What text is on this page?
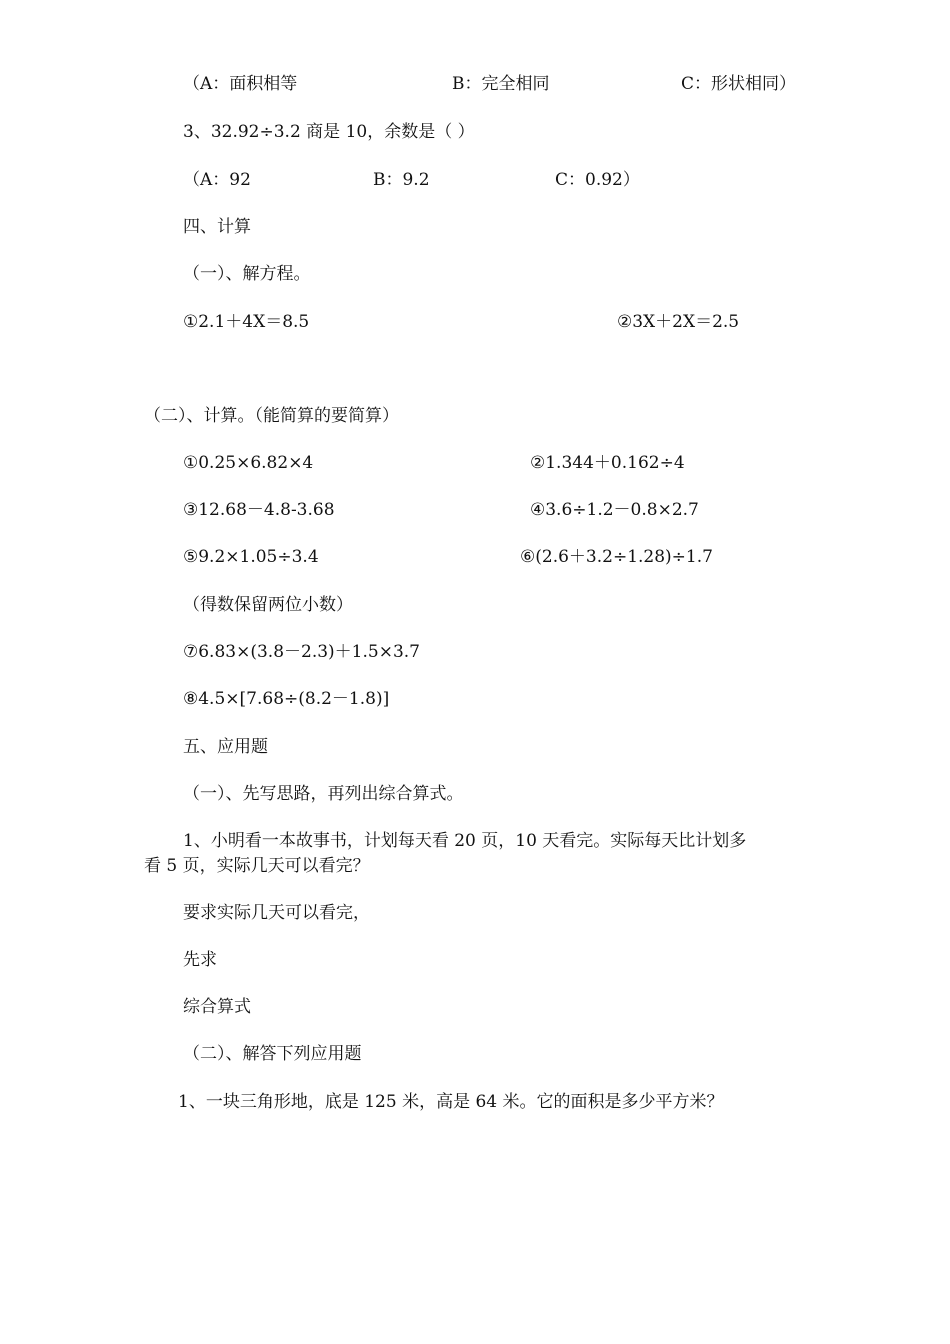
（A：面积相等	B：完全相同	C：形状相同）
3、32.92÷3.2 商是 10，余数是（ ）
（A：92	B：9.2	C：0.92）
四、计算
（一）、解方程。
①2.1＋4X＝8.5	②3X＋2X＝2.5
（二）、计算。（能简算的要简算）
①0.25×6.82×4	②1.344＋0.162÷4
③12.68－4.8-3.68	④3.6÷1.2－0.8×2.7
⑤9.2×1.05÷3.4	⑥(2.6＋3.2÷1.28)÷1.7
（得数保留两位小数）
⑦6.83×(3.8－2.3)＋1.5×3.7
⑧4.5×[7.68÷(8.2－1.8)]
五、应用题
（一）、先写思路，再列出综合算式。
1、小明看一本故事书，计划每天看 20 页，10 天看完。实际每天比计划多
看 5 页，实际几天可以看完？
要求实际几天可以看完，
先求
综合算式
（二）、解答下列应用题
1、一块三角形地，底是 125 米，高是 64 米。它的面积是多少平方米？
